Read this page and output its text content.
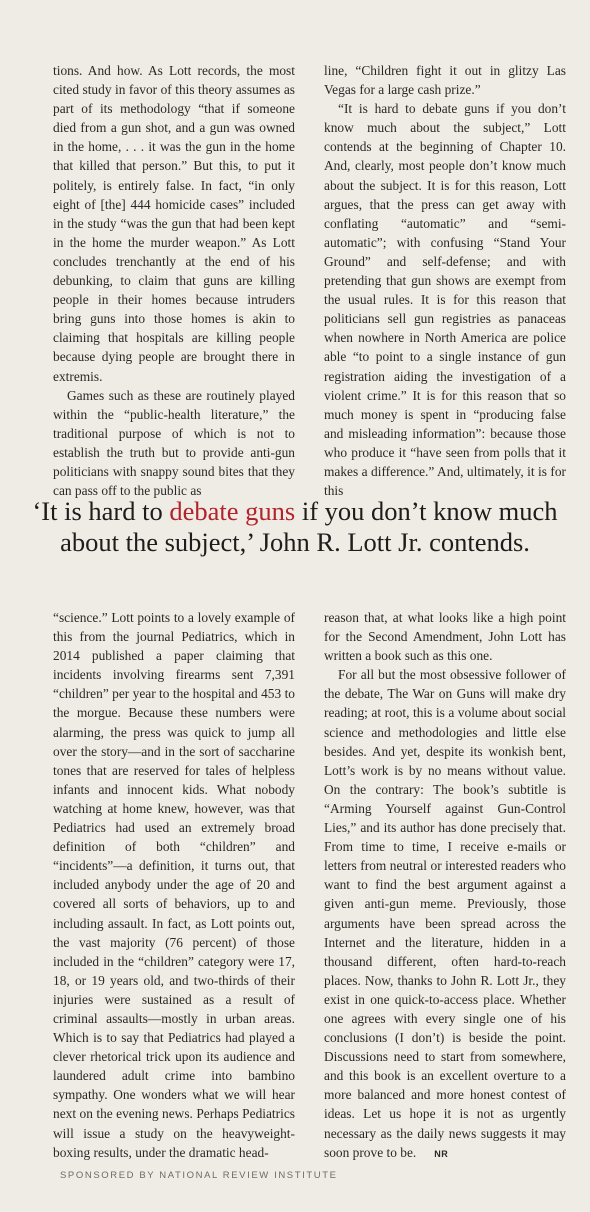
tions. And how. As Lott records, the most cited study in favor of this theory assumes as part of its methodology “that if someone died from a gun shot, and a gun was owned in the home, . . . it was the gun in the home that killed that person.” But this, to put it politely, is entirely false. In fact, “in only eight of [the] 444 homicide cases” included in the study “was the gun that had been kept in the home the murder weapon.” As Lott concludes trenchantly at the end of his debunking, to claim that guns are killing people in their homes because intruders bring guns into those homes is akin to claiming that hospitals are killing people because dying people are brought there in extremis.

Games such as these are routinely played within the “public-health literature,” the traditional purpose of which is not to establish the truth but to provide anti-gun politicians with snappy sound bites that they can pass off to the public as

line, “Children fight it out in glitzy Las Vegas for a large cash prize.”

“It is hard to debate guns if you don’t know much about the subject,” Lott contends at the beginning of Chapter 10. And, clearly, most people don’t know much about the subject. It is for this reason, Lott argues, that the press can get away with conflating “automatic” and “semi-automatic”; with confusing “Stand Your Ground” and self-defense; and with pretending that gun shows are exempt from the usual rules. It is for this reason that politicians sell gun registries as panaceas when nowhere in North America are police able “to point to a single instance of gun registration aiding the investigation of a violent crime.” It is for this reason that so much money is spent in “producing false and misleading information”: because those who produce it “have seen from polls that it makes a difference.” And, ultimately, it is for this

‘It is hard to debate guns if you don’t know much about the subject,’ John R. Lott Jr. contends.

“science.” Lott points to a lovely example of this from the journal Pediatrics, which in 2014 published a paper claiming that incidents involving firearms sent 7,391 “children” per year to the hospital and 453 to the morgue. Because these numbers were alarming, the press was quick to jump all over the story—and in the sort of saccharine tones that are reserved for tales of helpless infants and innocent kids. What nobody watching at home knew, however, was that Pediatrics had used an extremely broad definition of both “children” and “incidents”—a definition, it turns out, that included anybody under the age of 20 and covered all sorts of behaviors, up to and including assault. In fact, as Lott points out, the vast majority (76 percent) of those included in the “children” category were 17, 18, or 19 years old, and two-thirds of their injuries were sustained as a result of criminal assaults—mostly in urban areas. Which is to say that Pediatrics had played a clever rhetorical trick upon its audience and laundered adult crime into bambino sympathy. One wonders what we will hear next on the evening news. Perhaps Pediatrics will issue a study on the heavyweight-boxing results, under the dramatic head-

reason that, at what looks like a high point for the Second Amendment, John Lott has written a book such as this one.

For all but the most obsessive follower of the debate, The War on Guns will make dry reading; at root, this is a volume about social science and methodologies and little else besides. And yet, despite its wonkish bent, Lott’s work is by no means without value. On the contrary: The book’s subtitle is “Arming Yourself against Gun-Control Lies,” and its author has done precisely that. From time to time, I receive e-mails or letters from neutral or interested readers who want to find the best argument against a given anti-gun meme. Previously, those arguments have been spread across the Internet and the literature, hidden in a thousand different, often hard-to-reach places. Now, thanks to John R. Lott Jr., they exist in one quick-to-access place. Whether one agrees with every single one of his conclusions (I don’t) is beside the point. Discussions need to start from somewhere, and this book is an excellent overture to a more balanced and more honest contest of ideas. Let us hope it is not as urgently necessary as the daily news suggests it may soon prove to be. NR

SPONSORED BY NATIONAL REVIEW INSTITUTE
